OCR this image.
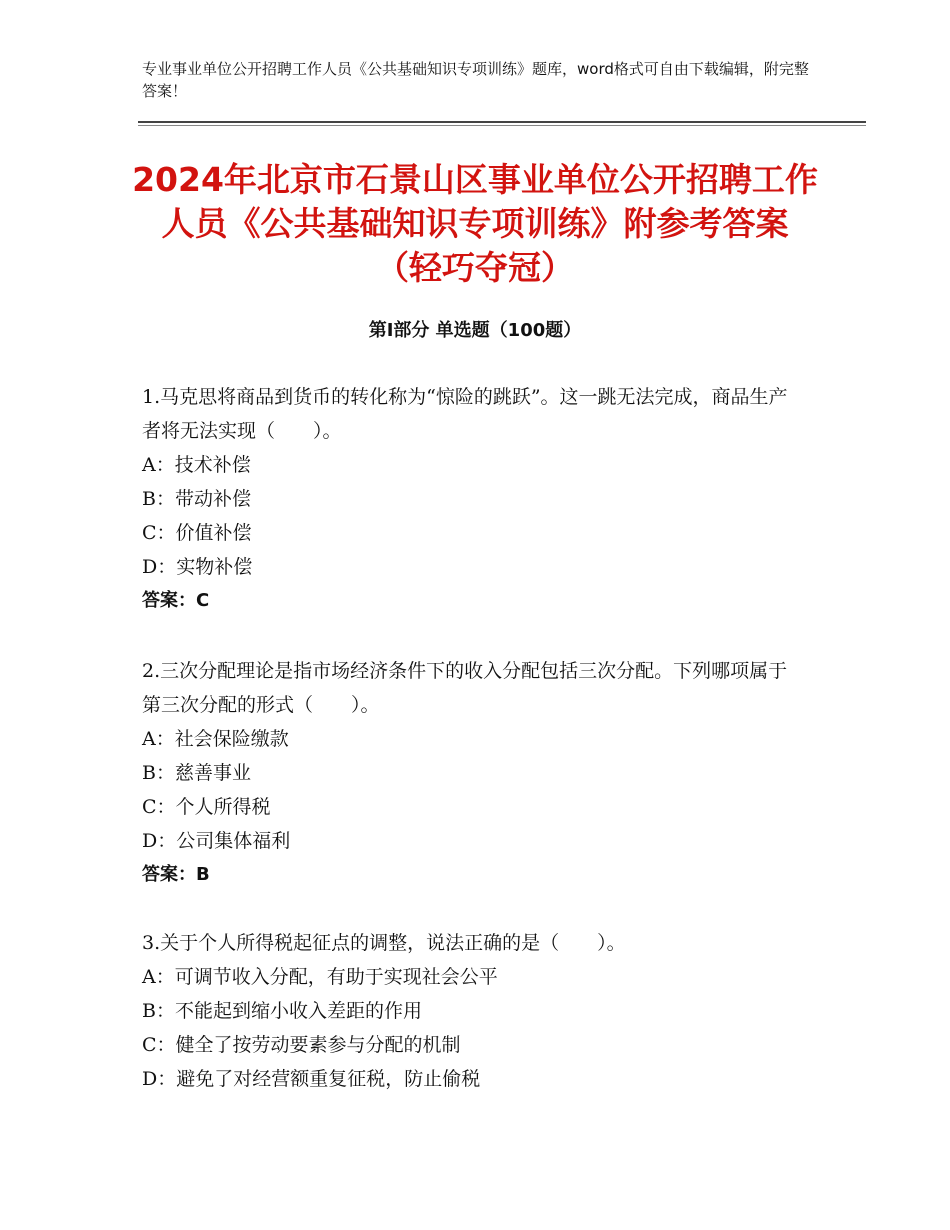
专业事业单位公开招聘工作人员《公共基础知识专项训练》题库，word格式可自由下载编辑，附完整答案！
2024年北京市石景山区事业单位公开招聘工作人员《公共基础知识专项训练》附参考答案（轻巧夺冠）
第Ⅰ部分 单选题（100题）
1.马克思将商品到货币的转化称为“惊险的跳跃”。这一跳无法完成，商品生产者将无法实现（　　）。
A：技术补偿
B：带动补偿
C：价值补偿
D：实物补偿
答案：C
2.三次分配理论是指市场经济条件下的收入分配包括三次分配。下列哪项属于第三次分配的形式（　　）。
A：社会保险缴款
B：慈善事业
C：个人所得税
D：公司集体福利
答案：B
3.关于个人所得税起征点的调整，说法正确的是（　　）。
A：可调节收入分配，有助于实现社会公平
B：不能起到缩小收入差距的作用
C：健全了按劳动要素参与分配的机制
D：避免了对经营额重复征税，防止偷税
